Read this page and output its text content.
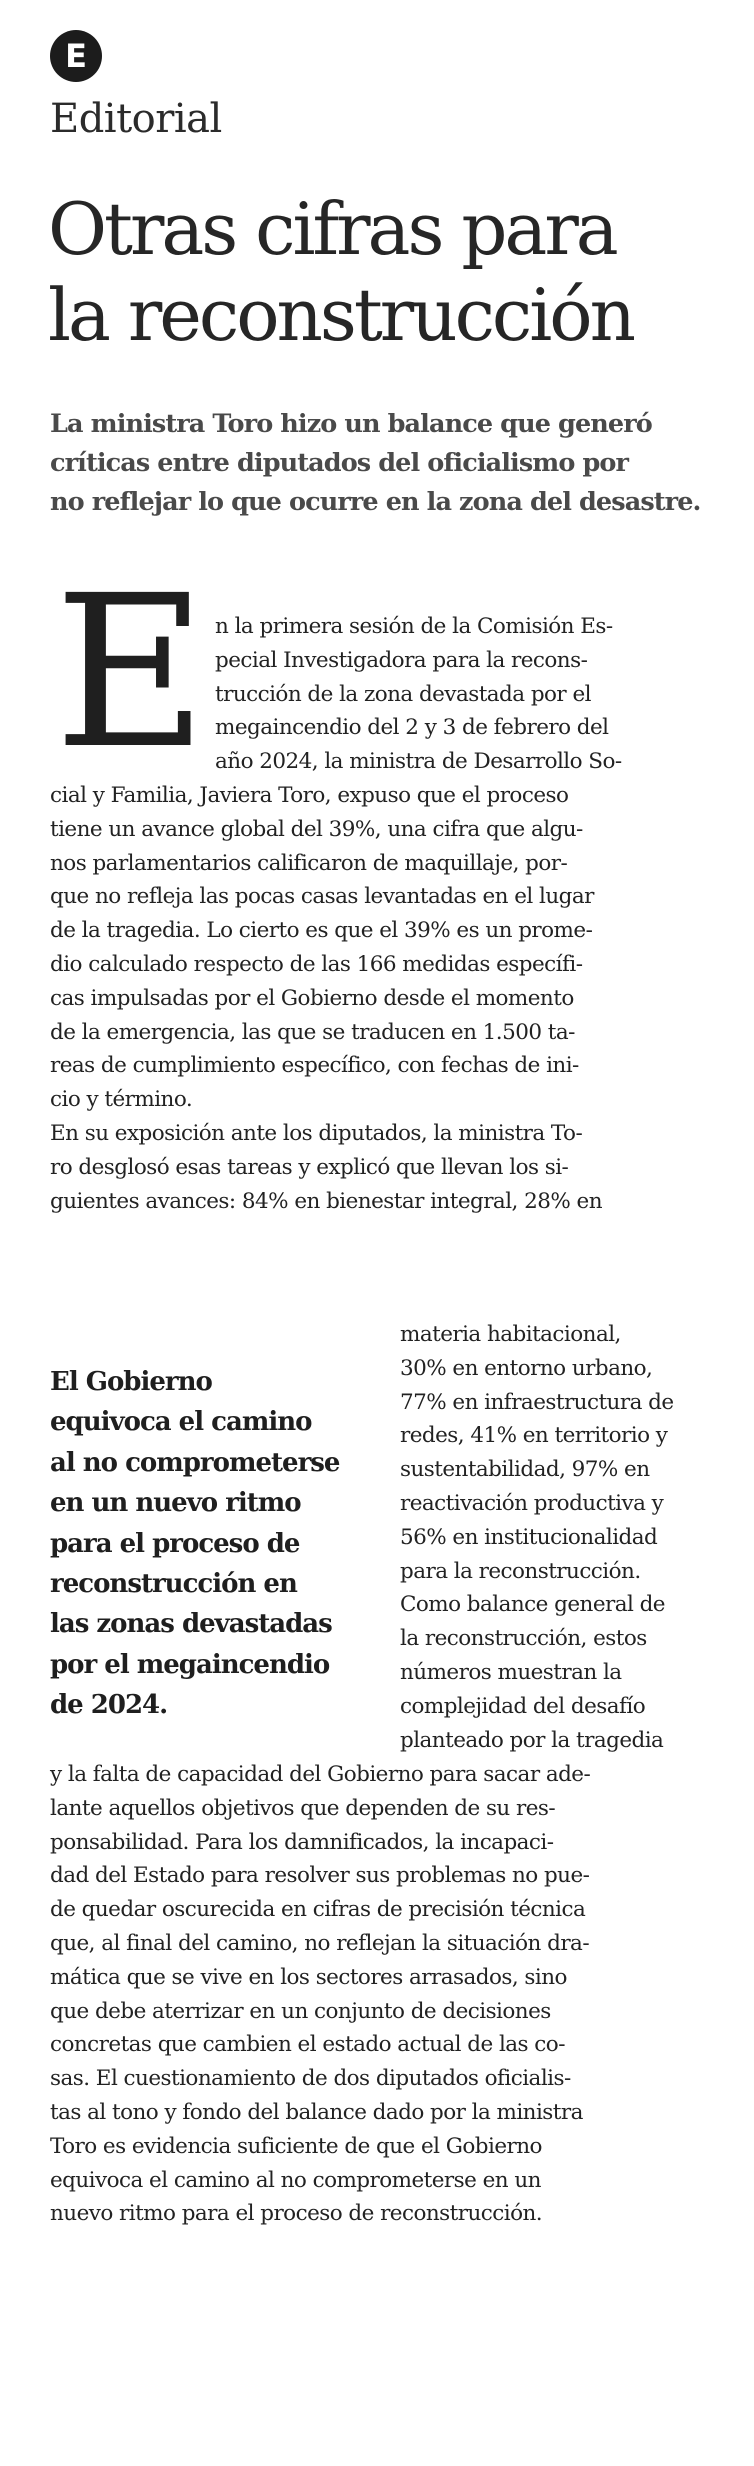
E
Editorial
Otras cifras para
la reconstrucción
La ministra Toro hizo un balance que generó
críticas entre diputados del oficialismo por
no reflejar lo que ocurre en la zona del desastre.
E n la primera sesión de la Comisión Es-
pecial Investigadora para la recons-
trucción de la zona devastada por el
megaincendio del 2 y 3 de febrero del
año 2024, la ministra de Desarrollo So-
cial y Familia, Javiera Toro, expuso que el proceso
tiene un avance global del 39%, una cifra que algu-
nos parlamentarios calificaron de maquillaje, por-
que no refleja las pocas casas levantadas en el lugar
de la tragedia. Lo cierto es que el 39% es un prome-
dio calculado respecto de las 166 medidas específi-
cas impulsadas por el Gobierno desde el momento
de la emergencia, las que se traducen en 1.500 ta-
reas de cumplimiento específico, con fechas de ini-
cio y término.
En su exposición ante los diputados, la ministra To-
ro desglosó esas tareas y explicó que llevan los si-
guientes avances: 84% en bienestar integral, 28% en
El Gobierno
equivoca el camino
al no comprometerse
en un nuevo ritmo
para el proceso de
reconstrucción en
las zonas devastadas
por el megaincendio
de 2024.
materia habitacional,
30% en entorno urbano,
77% en infraestructura de
redes, 41% en territorio y
sustentabilidad, 97% en
reactivación productiva y
56% en institucionalidad
para la reconstrucción.
Como balance general de
la reconstrucción, estos
números muestran la
complejidad del desafío
planteado por la tragedia
y la falta de capacidad del Gobierno para sacar ade-
lante aquellos objetivos que dependen de su res-
ponsabilidad. Para los damnificados, la incapaci-
dad del Estado para resolver sus problemas no pue-
de quedar oscurecida en cifras de precisión técnica
que, al final del camino, no reflejan la situación dra-
mática que se vive en los sectores arrasados, sino
que debe aterrizar en un conjunto de decisiones
concretas que cambien el estado actual de las co-
sas. El cuestionamiento de dos diputados oficialis-
tas al tono y fondo del balance dado por la ministra
Toro es evidencia suficiente de que el Gobierno
equivoca el camino al no comprometerse en un
nuevo ritmo para el proceso de reconstrucción.
